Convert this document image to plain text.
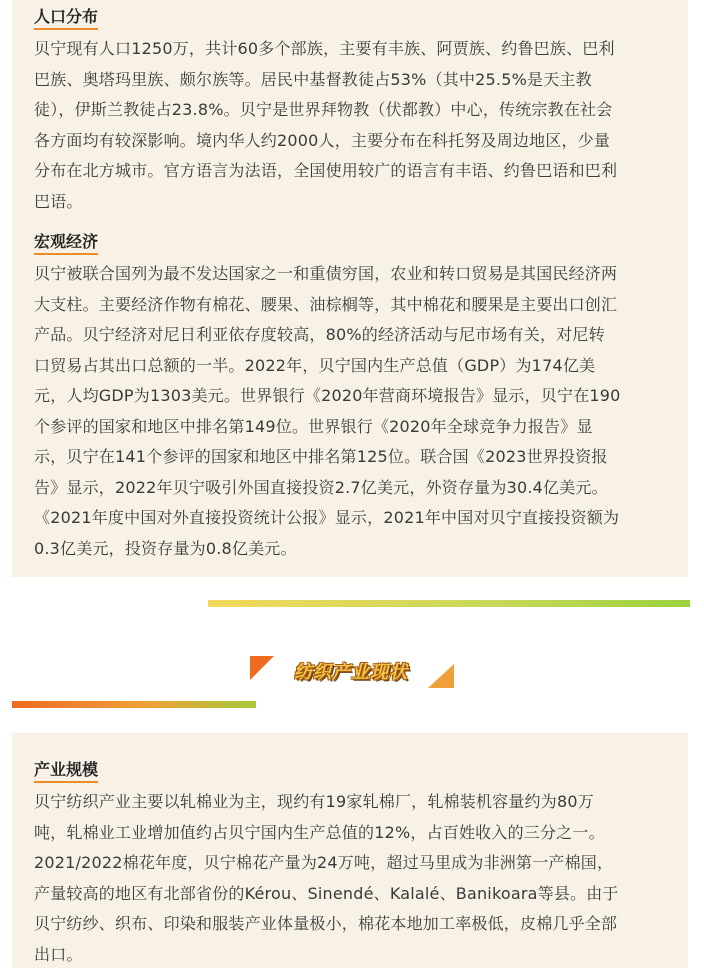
人口分布

贝宁现有人口1250万，共计60多个部族，主要有丰族、阿贾族、约鲁巴族、巴利

巴族、奥塔玛里族、颇尔族等。居民中基督教徒占53%（其中25.5%是天主教

徒），伊斯兰教徒占23.8%。贝宁是世界拜物教（伏都教）中心，传统宗教在社会

各方面均有较深影响。境内华人约2000人，主要分布在科托努及周边地区，少量

分布在北方城市。官方语言为法语，全国使用较广的语言有丰语、约鲁巴语和巴利

巴语。

宏观经济

贝宁被联合国列为最不发达国家之一和重债穷国，农业和转口贸易是其国民经济两

大支柱。主要经济作物有棉花、腰果、油棕榈等，其中棉花和腰果是主要出口创汇

产品。贝宁经济对尼日利亚依存度较高，80%的经济活动与尼市场有关，对尼转

口贸易占其出口总额的一半。2022年，贝宁国内生产总值（GDP）为174亿美

元，人均GDP为1303美元。世界银行《2020年营商环境报告》显示，贝宁在190

个参评的国家和地区中排名第149位。世界银行《2020年全球竞争力报告》显

示，贝宁在141个参评的国家和地区中排名第125位。联合国《2023世界投资报

告》显示，2022年贝宁吸引外国直接投资2.7亿美元，外资存量为30.4亿美元。

《2021年度中国对外直接投资统计公报》显示，2021年中国对贝宁直接投资额为

0.3亿美元，投资存量为0.8亿美元。

纺织产业现状
产业规模

贝宁纺织产业主要以轧棉业为主，现约有19家轧棉厂，轧棉装机容量约为80万

吨，轧棉业工业增加值约占贝宁国内生产总值的12%，占百姓收入的三分之一。

2021/2022棉花年度，贝宁棉花产量为24万吨，超过马里成为非洲第一产棉国，

产量较高的地区有北部省份的Kérou、Sinendé、Kalalé、Banikoara等县。由于

贝宁纺纱、织布、印染和服装产业体量极小，棉花本地加工率极低，皮棉几乎全部

出口。
